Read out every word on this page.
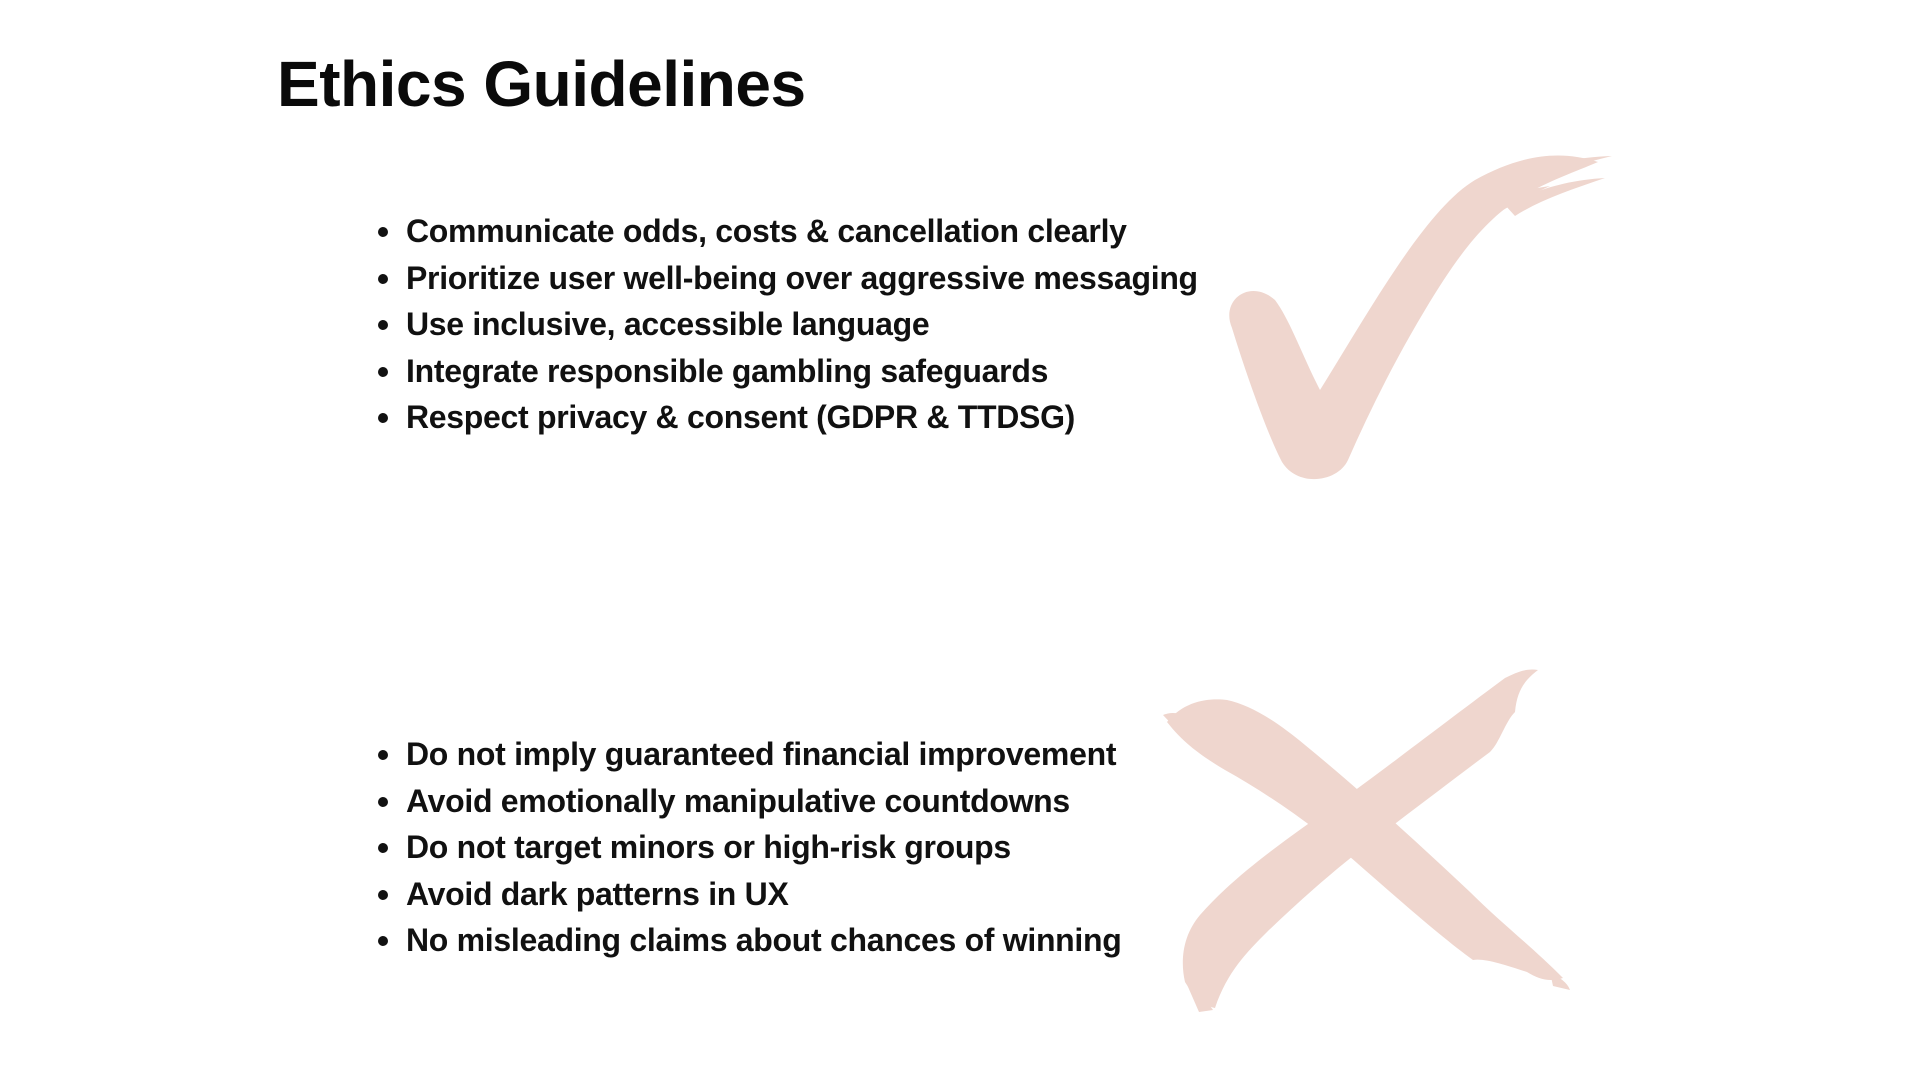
Ethics Guidelines
Communicate odds, costs & cancellation clearly
Prioritize user well-being over aggressive messaging
Use inclusive, accessible language
Integrate responsible gambling safeguards
Respect privacy & consent (GDPR & TTDSG)
Do not imply guaranteed financial improvement
Avoid emotionally manipulative countdowns
Do not target minors or high-risk groups
Avoid dark patterns in UX
No misleading claims about chances of winning
